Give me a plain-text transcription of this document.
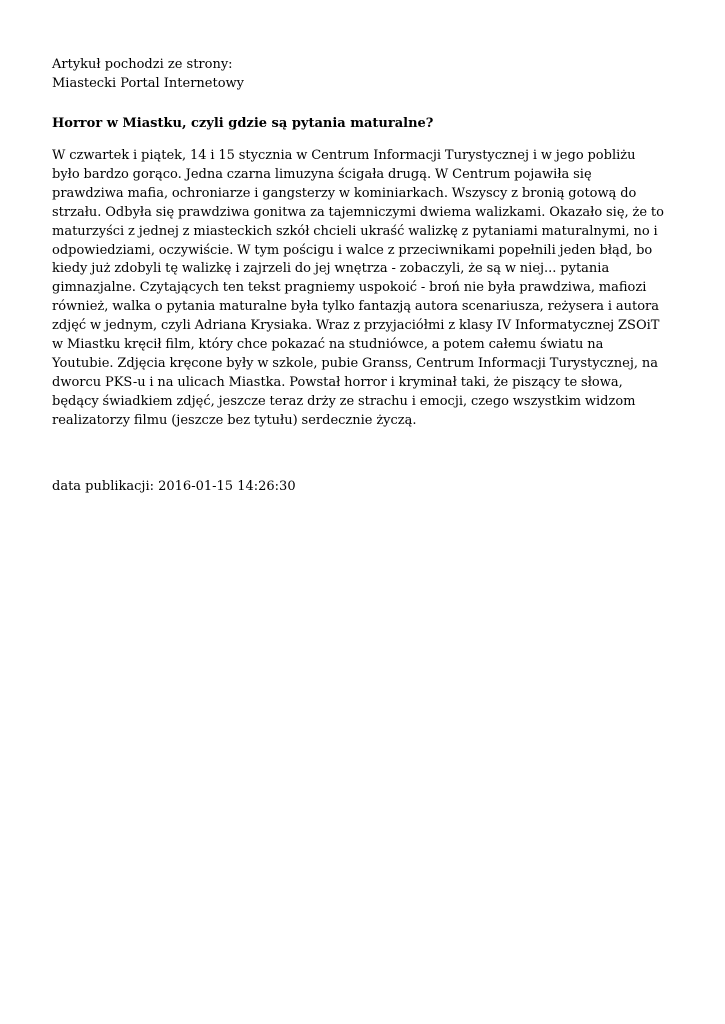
Artykuł pochodzi ze strony:
Miastecki Portal Internetowy

Horror w Miastku, czyli gdzie są pytania maturalne?

W czwartek i piątek, 14 i 15 stycznia w Centrum Informacji Turystycznej i w jego pobliżu było bardzo gorąco. Jedna czarna limuzyna ścigała drugą. W Centrum pojawiła się prawdziwa mafia, ochroniarze i gangsterzy w kominiarkach. Wszyscy z bronią gotową do strzału. Odbyła się prawdziwa gonitwa za tajemniczymi dwiema walizkami. Okazało się, że to maturzyści z jednej z miasteckich szkół chcieli ukraść walizkę z pytaniami maturalnymi, no i odpowiedziami, oczywiście. W tym pościgu i walce z przeciwnikami popełnili jeden błąd, bo kiedy już zdobyli tę walizkę i zajrzeli do jej wnętrza - zobaczyli, że są w niej... pytania gimnazjalne. Czytających ten tekst pragniemy uspokoić - broń nie była prawdziwa, mafiozi również, walka o pytania maturalne była tylko fantazją autora scenariusza, reżysera i autora zdjęć w jednym, czyli Adriana Krysiaka. Wraz z przyjaciółmi z klasy IV Informatycznej ZSOiT w Miastku kręcił film, który chce pokazać na studniówce, a potem całemu światu na Youtubie. Zdjęcia kręcone były w szkole, pubie Granss, Centrum Informacji Turystycznej, na dworcu PKS-u i na ulicach Miastka. Powstał horror i kryminał taki, że piszący te słowa, będący świadkiem zdjęć, jeszcze teraz drży ze strachu i emocji, czego wszystkim widzom realizatorzy filmu (jeszcze bez tytułu) serdecznie życzą.

data publikacji: 2016-01-15 14:26:30
